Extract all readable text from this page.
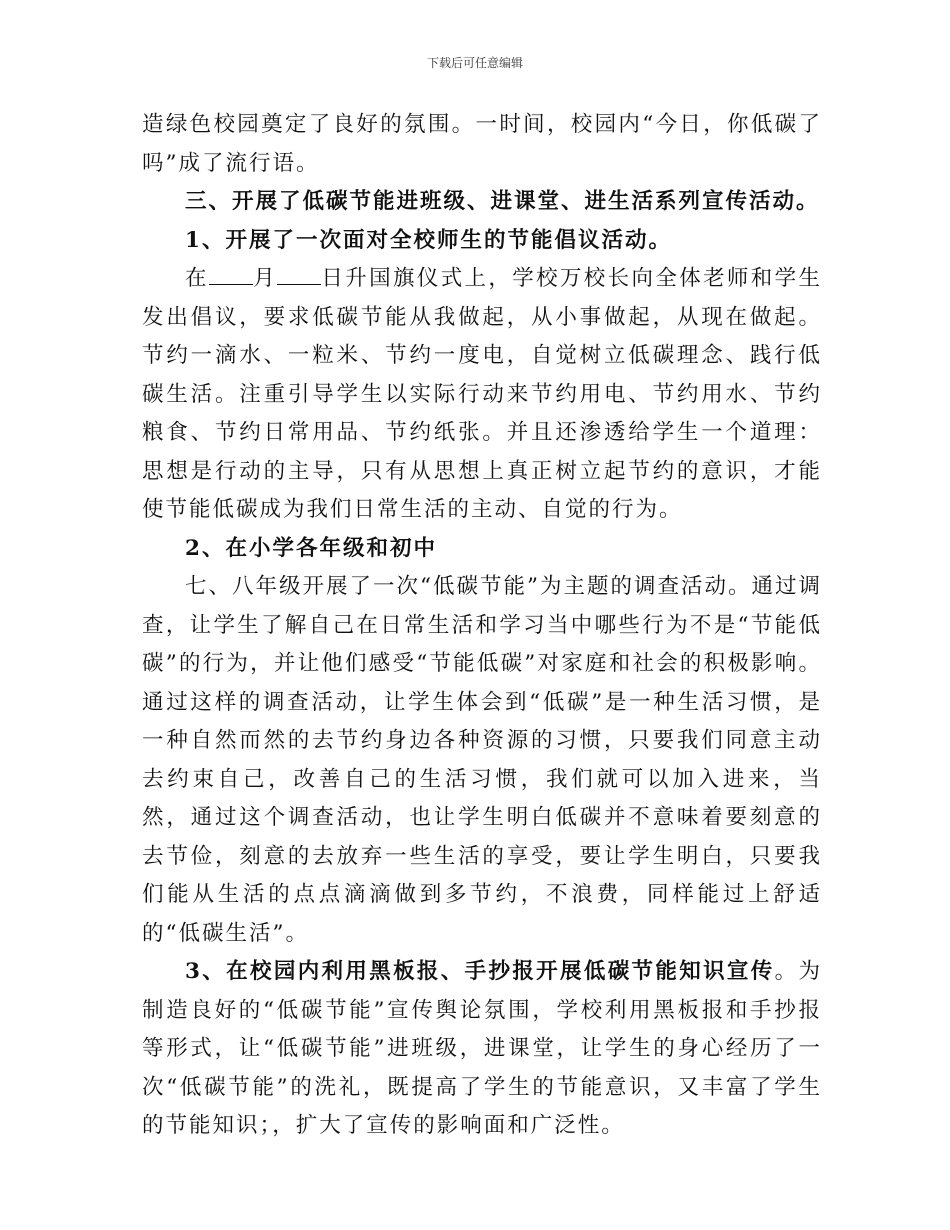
下载后可任意编辑

造绿色校园奠定了良好的氛围。一时间，校园内“今日，你低碳了吗”成了流行语。

三、开展了低碳节能进班级、进课堂、进生活系列宣传活动。

1、开展了一次面对全校师生的节能倡议活动。

在 月 日升国旗仪式上，学校万校长向全体老师和学生发出倡议，要求低碳节能从我做起，从小事做起，从现在做起。节约一滴水、一粒米、节约一度电，自觉树立低碳理念、践行低碳生活。注重引导学生以实际行动来节约用电、节约用水、节约粮食、节约日常用品、节约纸张。并且还渗透给学生一个道理：思想是行动的主导，只有从思想上真正树立起节约的意识，才能使节能低碳成为我们日常生活的主动、自觉的行为。

2、在小学各年级和初中

七、八年级开展了一次“低碳节能”为主题的调查活动。通过调查，让学生了解自己在日常生活和学习当中哪些行为不是“节能低碳”的行为，并让他们感受“节能低碳”对家庭和社会的积极影响。通过这样的调查活动，让学生体会到“低碳”是一种生活习惯，是一种自然而然的去节约身边各种资源的习惯，只要我们同意主动去约束自己，改善自己的生活习惯，我们就可以加入进来，当然，通过这个调查活动，也让学生明白低碳并不意味着要刻意的去节俭，刻意的去放弃一些生活的享受，要让学生明白，只要我们能从生活的点点滴滴做到多节约，不浪费，同样能过上舒适的“低碳生活”。

3、在校园内利用黑板报、手抄报开展低碳节能知识宣传。为制造良好的“低碳节能”宣传舆论氛围，学校利用黑板报和手抄报等形式，让“低碳节能”进班级，进课堂，让学生的身心经历了一次“低碳节能”的洗礼，既提高了学生的节能意识，又丰富了学生的节能知识；，扩大了宣传的影响面和广泛性。
